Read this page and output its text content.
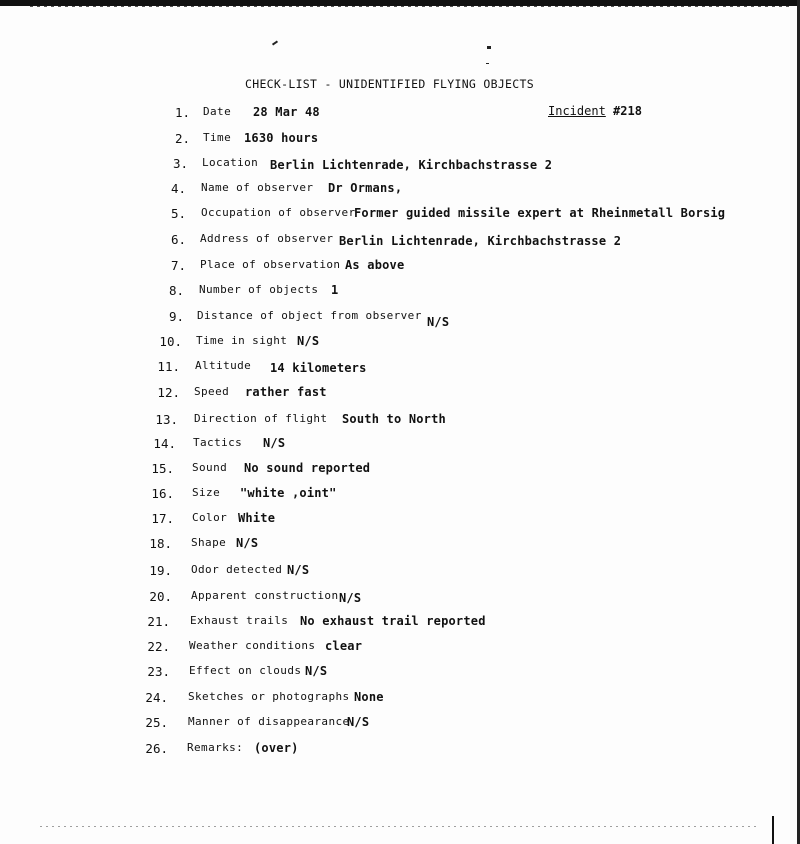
CHECK-LIST - UNIDENTIFIED FLYING OBJECTS
Incident #218
1. Date 28 Mar 48
2. Time 1630 hours
3. Location Berlin Lichtenrade, Kirchbachstrasse 2
4. Name of observer Dr Ormans,
5. Occupation of observer
Former guided missile expert at Rheinmetall Borsig
6. Address of observer Berlin Lichtenrade, Kirchbachstrasse 2
7. Place of observation As above
8. Number of objects 1
9. Distance of object from observer N/S
10. Time in sight N/S
11. Altitude 14 kilometers
12. Speed rather fast
13. Direction of flight South to North
14. Tactics N/S
15. Sound No sound reported
16. Size "white ,oint"
17. Color White
18. Shape N/S
19. Odor detected N/S
20. Apparent construction N/S
21. Exhaust trails No exhaust trail reported
22. Weather conditions clear
23. Effect on clouds N/S
24. Sketches or photographs None
25. Manner of disappearance
N/S
26. Remarks: (over)
